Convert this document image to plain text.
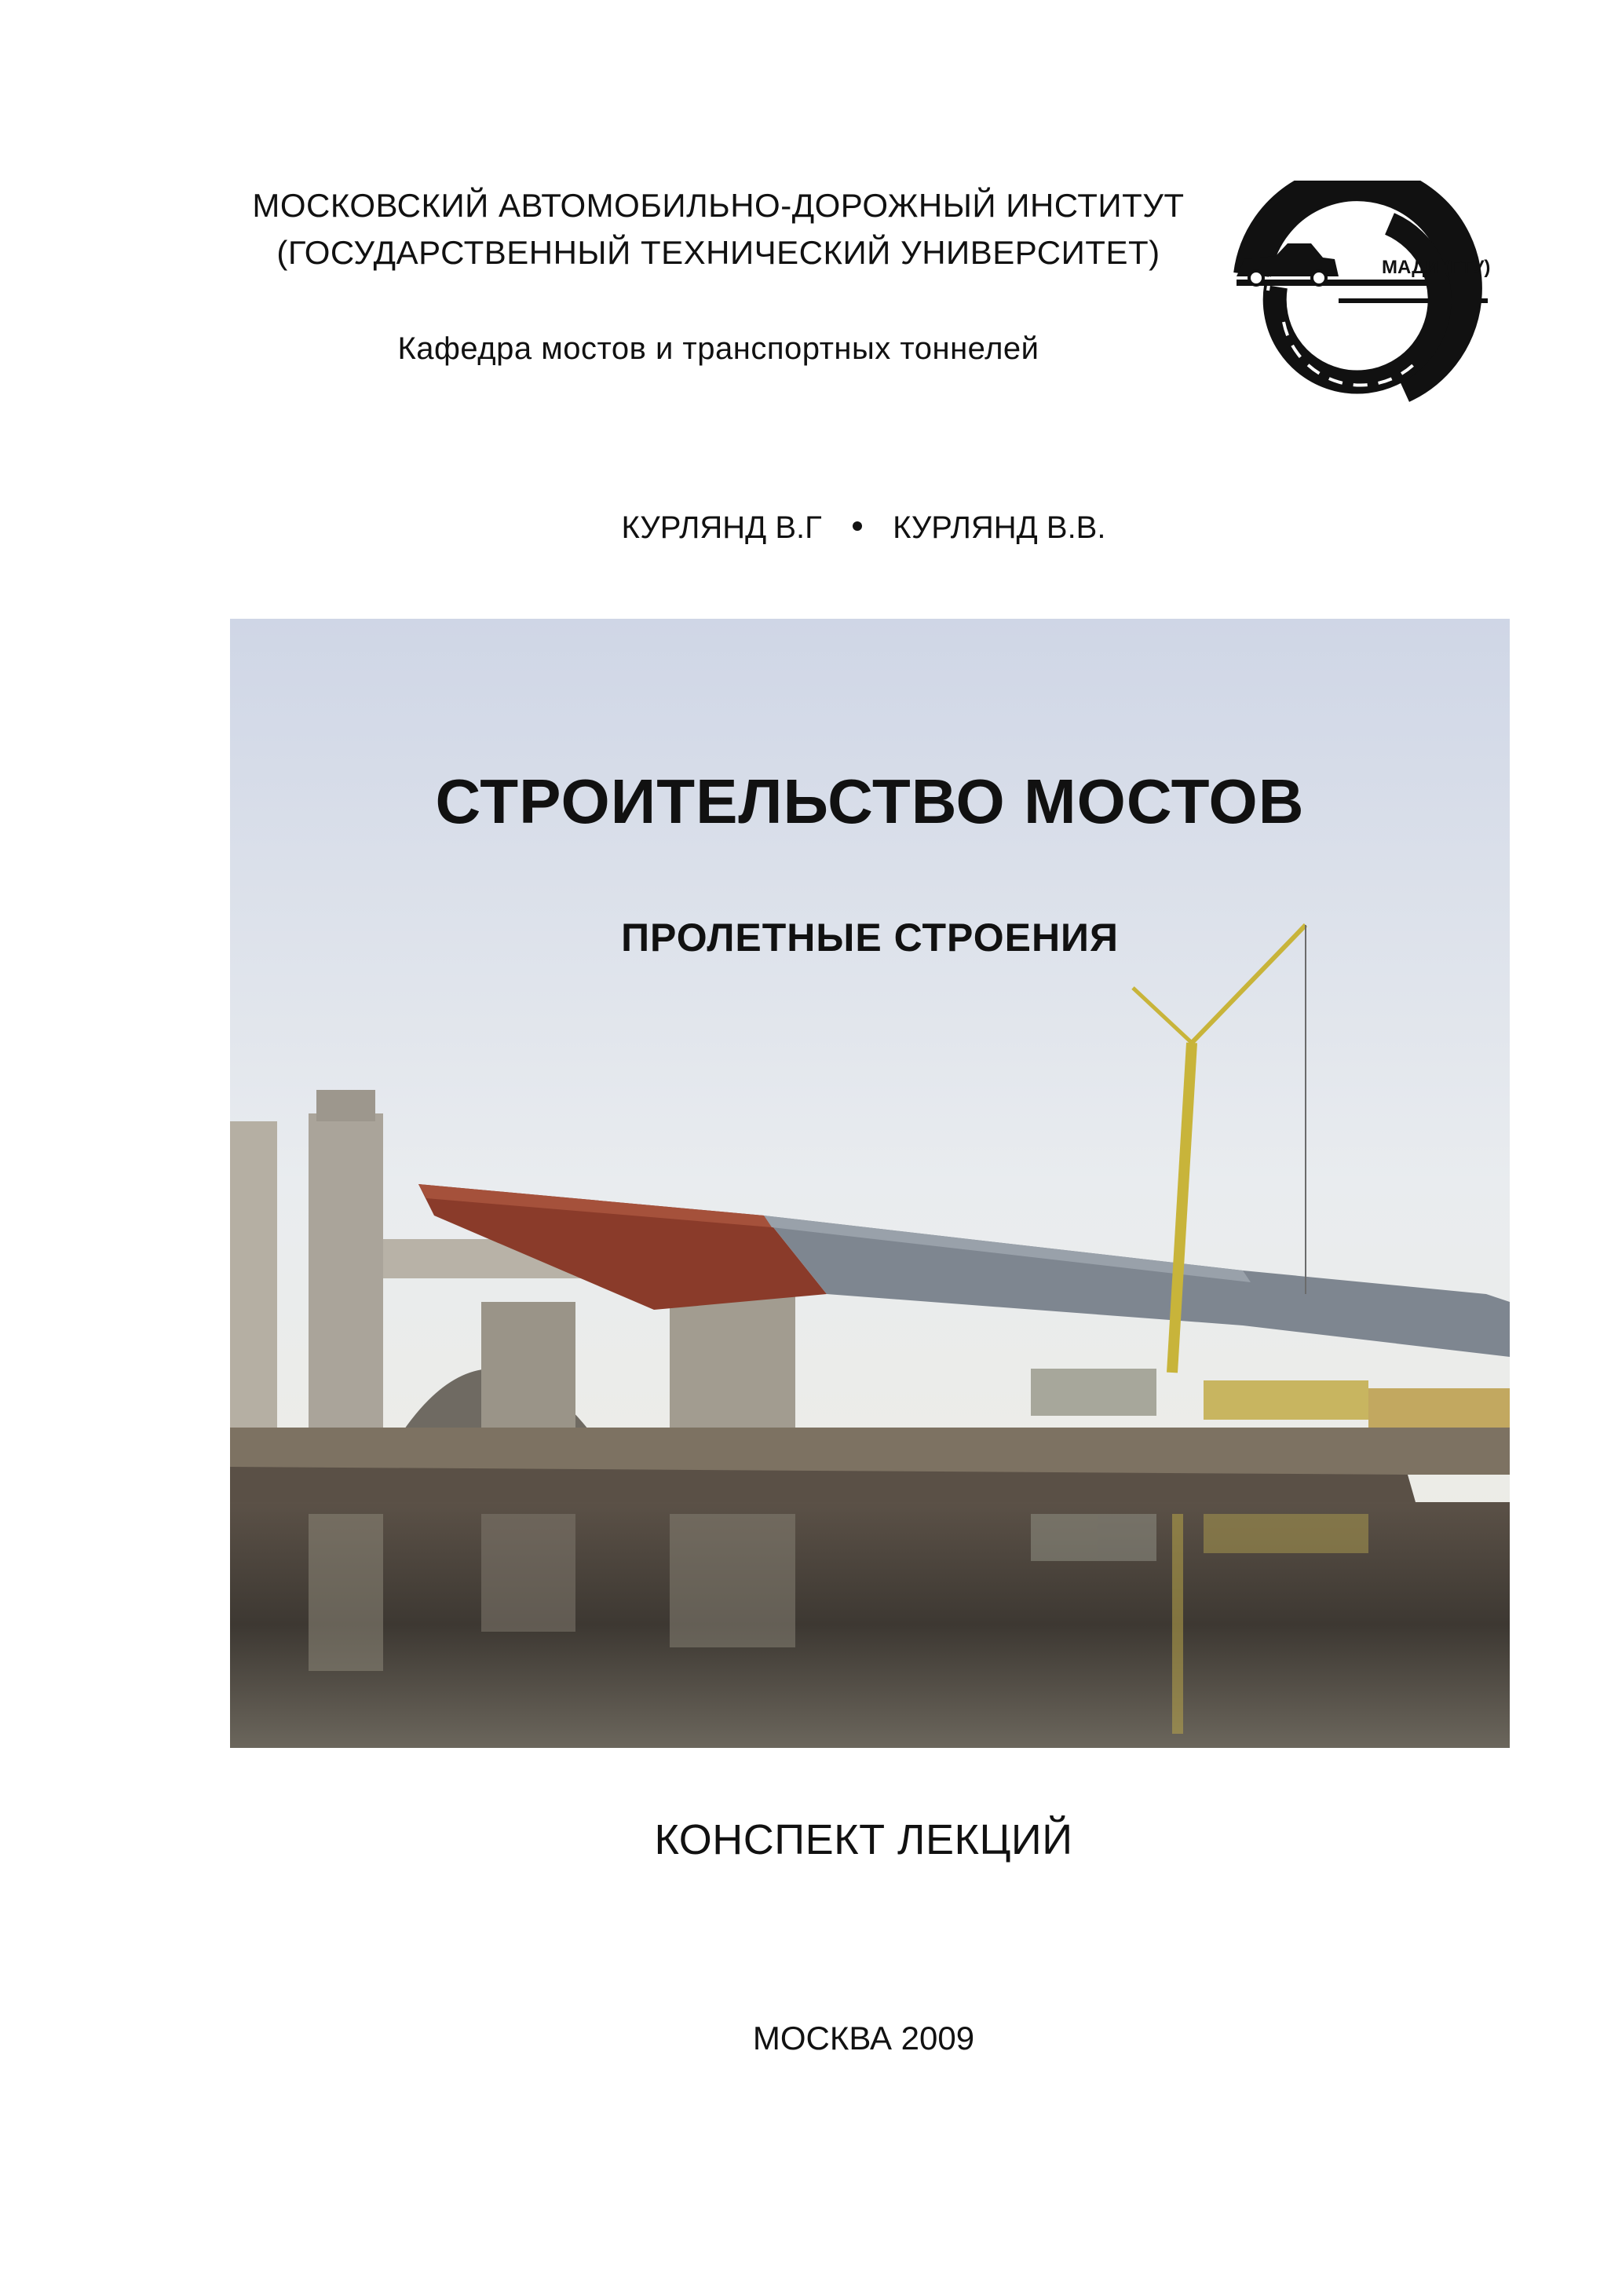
МОСКОВСКИЙ АВТОМОБИЛЬНО-ДОРОЖНЫЙ ИНСТИТУТ
(ГОСУДАРСТВЕННЫЙ ТЕХНИЧЕСКИЙ УНИВЕРСИТЕТ)
Кафедра мостов и транспортных тоннелей
МАДИ (ГТУ)
КУРЛЯНД В.Г КУРЛЯНД В.В.
СТРОИТЕЛЬСТВО МОСТОВ
ПРОЛЕТНЫЕ СТРОЕНИЯ
КОНСПЕКТ ЛЕКЦИЙ
МОСКВА 2009
